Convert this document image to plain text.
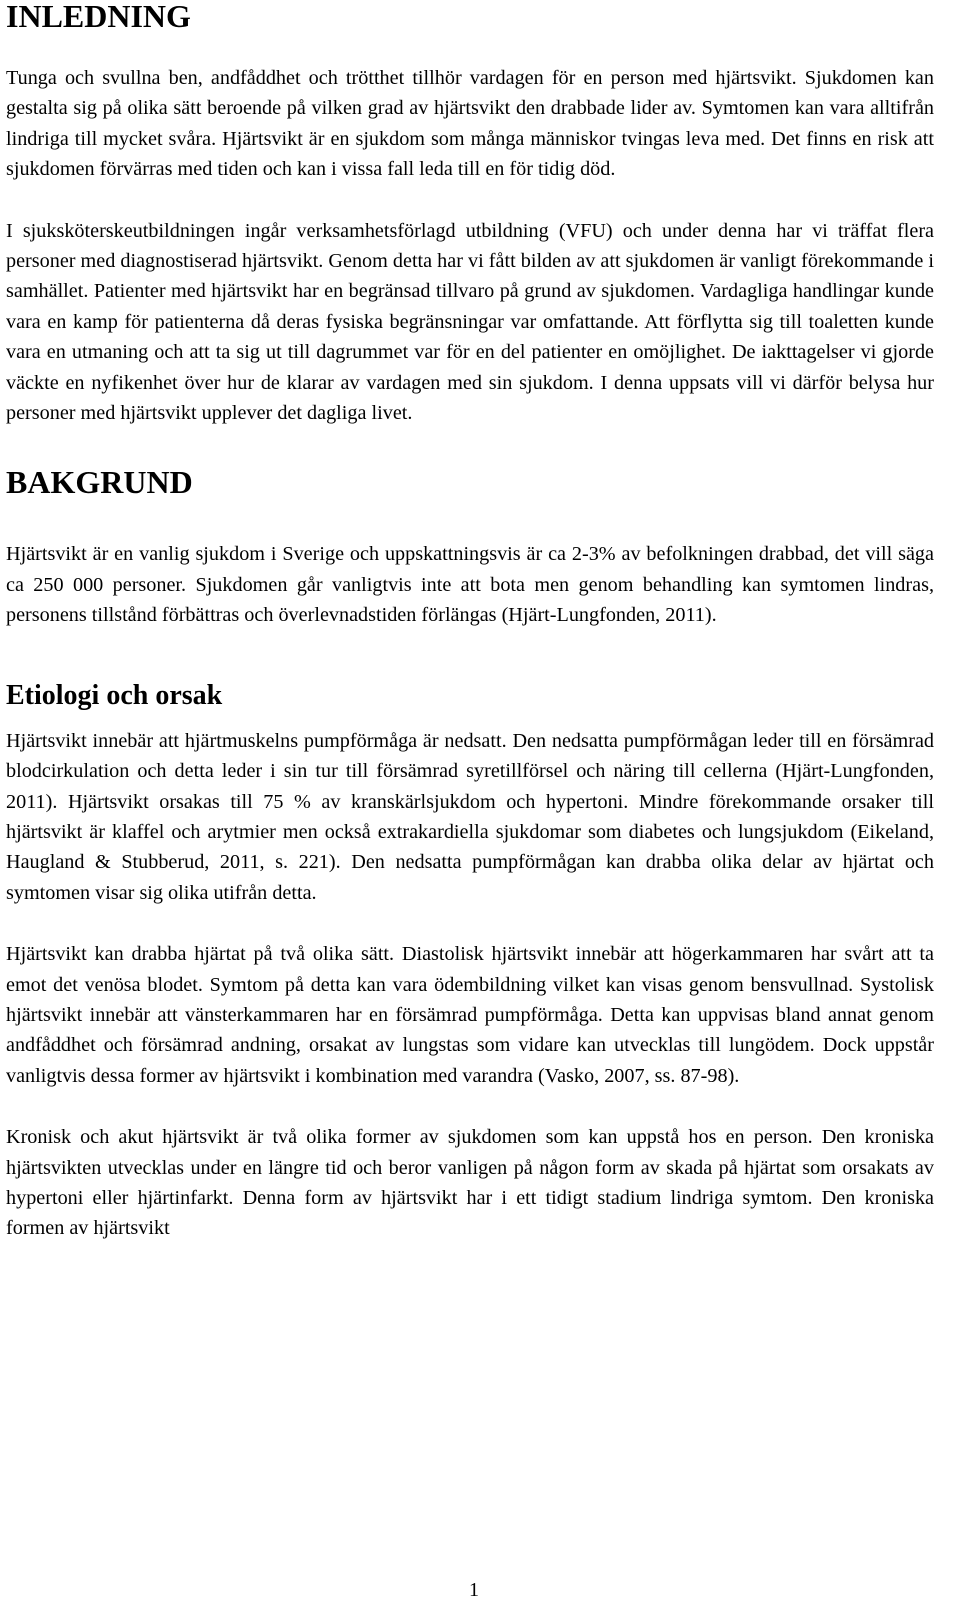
INLEDNING

Tunga och svullna ben, andfåddhet och trötthet tillhör vardagen för en person med hjärtsvikt. Sjukdomen kan gestalta sig på olika sätt beroende på vilken grad av hjärtsvikt den drabbade lider av. Symtomen kan vara alltifrån lindriga till mycket svåra. Hjärtsvikt är en sjukdom som många människor tvingas leva med. Det finns en risk att sjukdomen förvärras med tiden och kan i vissa fall leda till en för tidig död.

I sjuksköterskeutbildningen ingår verksamhetsförlagd utbildning (VFU) och under denna har vi träffat flera personer med diagnostiserad hjärtsvikt. Genom detta har vi fått bilden av att sjukdomen är vanligt förekommande i samhället. Patienter med hjärtsvikt har en begränsad tillvaro på grund av sjukdomen. Vardagliga handlingar kunde vara en kamp för patienterna då deras fysiska begränsningar var omfattande. Att förflytta sig till toaletten kunde vara en utmaning och att ta sig ut till dagrummet var för en del patienter en omöjlighet. De iakttagelser vi gjorde väckte en nyfikenhet över hur de klarar av vardagen med sin sjukdom. I denna uppsats vill vi därför belysa hur personer med hjärtsvikt upplever det dagliga livet.

BAKGRUND

Hjärtsvikt är en vanlig sjukdom i Sverige och uppskattningsvis är ca 2-3% av befolkningen drabbad, det vill säga ca 250 000 personer. Sjukdomen går vanligtvis inte att bota men genom behandling kan symtomen lindras, personens tillstånd förbättras och överlevnadstiden förlängas (Hjärt-Lungfonden, 2011).

Etiologi och orsak

Hjärtsvikt innebär att hjärtmuskelns pumpförmåga är nedsatt. Den nedsatta pumpförmågan leder till en försämrad blodcirkulation och detta leder i sin tur till försämrad syretillförsel och näring till cellerna (Hjärt-Lungfonden, 2011). Hjärtsvikt orsakas till 75 % av kranskärlsjukdom och hypertoni. Mindre förekommande orsaker till hjärtsvikt är klaffel och arytmier men också extrakardiella sjukdomar som diabetes och lungsjukdom (Eikeland, Haugland & Stubberud, 2011, s. 221). Den nedsatta pumpförmågan kan drabba olika delar av hjärtat och symtomen visar sig olika utifrån detta.

Hjärtsvikt kan drabba hjärtat på två olika sätt. Diastolisk hjärtsvikt innebär att högerkammaren har svårt att ta emot det venösa blodet. Symtom på detta kan vara ödembildning vilket kan visas genom bensvullnad. Systolisk hjärtsvikt innebär att vänsterkammaren har en försämrad pumpförmåga. Detta kan uppvisas bland annat genom andfåddhet och försämrad andning, orsakat av lungstas som vidare kan utvecklas till lungödem. Dock uppstår vanligtvis dessa former av hjärtsvikt i kombination med varandra (Vasko, 2007, ss. 87-98).

Kronisk och akut hjärtsvikt är två olika former av sjukdomen som kan uppstå hos en person. Den kroniska hjärtsvikten utvecklas under en längre tid och beror vanligen på någon form av skada på hjärtat som orsakats av hypertoni eller hjärtinfarkt. Denna form av hjärtsvikt har i ett tidigt stadium lindriga symtom. Den kroniska formen av hjärtsvikt

1
